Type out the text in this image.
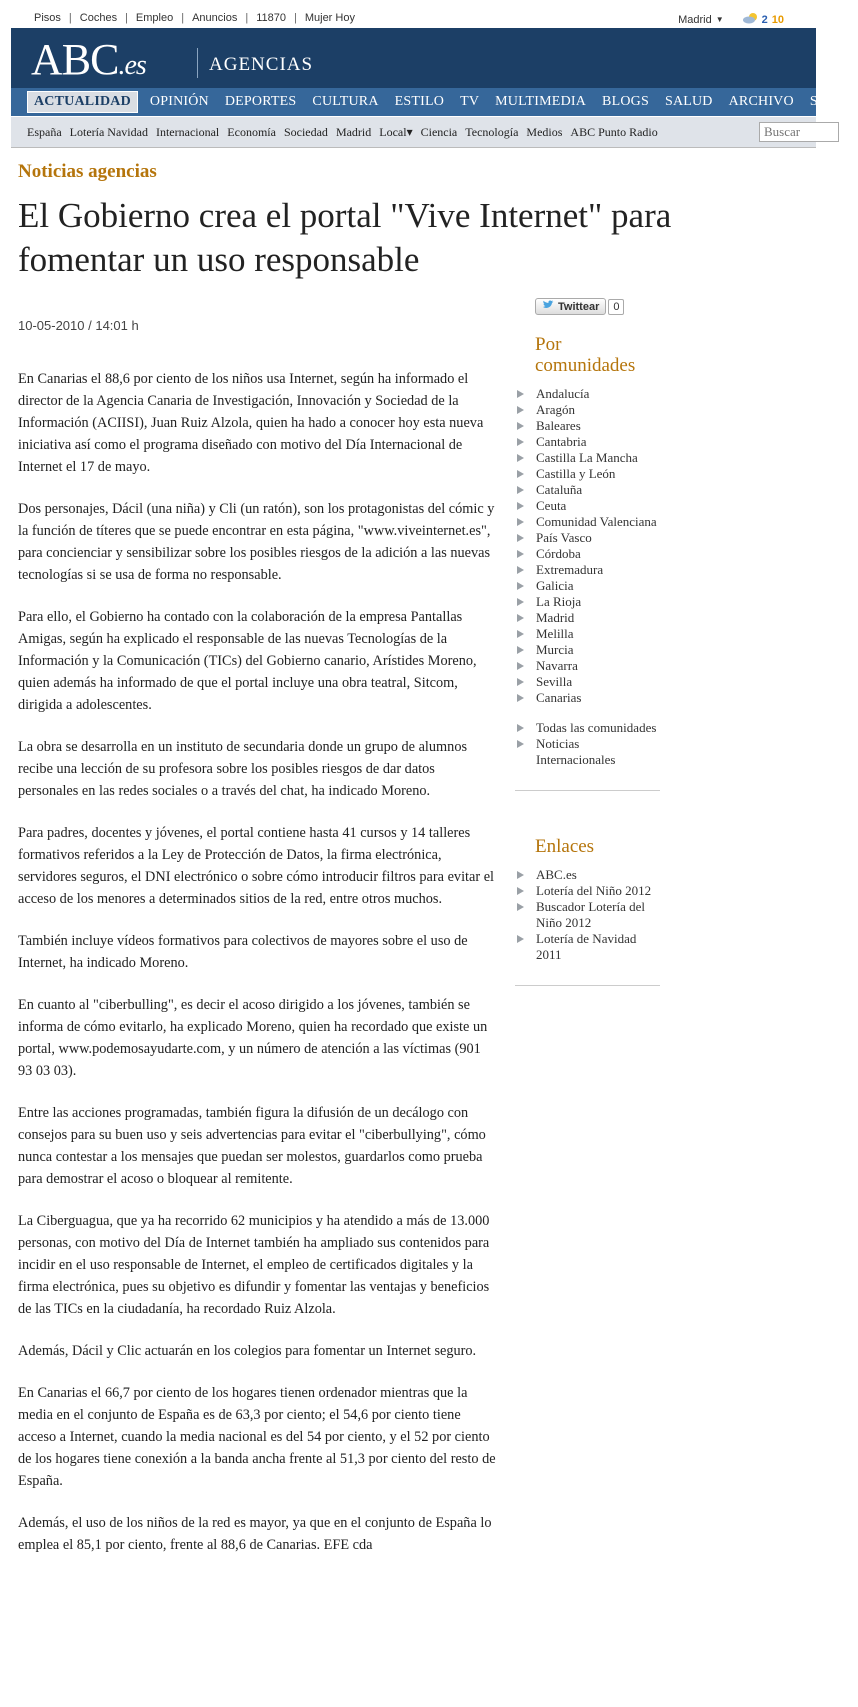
Pisos | Coches | Empleo | Anuncios | 11870 | Mujer Hoy	Madrid ▼	2 10
ABC.es	AGENCIAS
ACTUALIDAD	OPINIÓN	DEPORTES	CULTURA	ESTILO	TV	MULTIMEDIA	BLOGS	SALUD	ARCHIVO	SERVI
España Lotería Navidad Internacional Economía Sociedad Madrid Local▾ Ciencia Tecnología Medios ABC Punto Radio
Buscar
Noticias agencias
El Gobierno crea el portal "Vive Internet" para fomentar un uso responsable
10-05-2010 / 14:01 h

En Canarias el 88,6 por ciento de los niños usa Internet, según ha informado el director de la Agencia Canaria de Investigación, Innovación y Sociedad de la Información (ACIISI), Juan Ruiz Alzola, quien ha hado a conocer hoy esta nueva iniciativa así como el programa diseñado con motivo del Día Internacional de Internet el 17 de mayo.

Dos personajes, Dácil (una niña) y Cli (un ratón), son los protagonistas del cómic y la función de títeres que se puede encontrar en esta página, "www.viveinternet.es", para concienciar y sensibilizar sobre los posibles riesgos de la adición a las nuevas tecnologías si se usa de forma no responsable.

Para ello, el Gobierno ha contado con la colaboración de la empresa Pantallas Amigas, según ha explicado el responsable de las nuevas Tecnologías de la Información y la Comunicación (TICs) del Gobierno canario, Arístides Moreno, quien además ha informado de que el portal incluye una obra teatral, Sitcom, dirigida a adolescentes.

La obra se desarrolla en un instituto de secundaria donde un grupo de alumnos recibe una lección de su profesora sobre los posibles riesgos de dar datos personales en las redes sociales o a través del chat, ha indicado Moreno.

Para padres, docentes y jóvenes, el portal contiene hasta 41 cursos y 14 talleres formativos referidos a la Ley de Protección de Datos, la firma electrónica, servidores seguros, el DNI electrónico o sobre cómo introducir filtros para evitar el acceso de los menores a determinados sitios de la red, entre otros muchos.

También incluye vídeos formativos para colectivos de mayores sobre el uso de Internet, ha indicado Moreno.

En cuanto al "ciberbulling", es decir el acoso dirigido a los jóvenes, también se informa de cómo evitarlo, ha explicado Moreno, quien ha recordado que existe un portal, www.podemosayudarte.com, y un número de atención a las víctimas (901 93 03 03).

Entre las acciones programadas, también figura la difusión de un decálogo con consejos para su buen uso y seis advertencias para evitar el "ciberbullying", cómo nunca contestar a los mensajes que puedan ser molestos, guardarlos como prueba para demostrar el acoso o bloquear al remitente.

La Ciberguagua, que ya ha recorrido 62 municipios y ha atendido a más de 13.000 personas, con motivo del Día de Internet también ha ampliado sus contenidos para incidir en el uso responsable de Internet, el empleo de certificados digitales y la firma electrónica, pues su objetivo es difundir y fomentar las ventajas y beneficios de las TICs en la ciudadanía, ha recordado Ruiz Alzola.

Además, Dácil y Clic actuarán en los colegios para fomentar un Internet seguro.

En Canarias el 66,7 por ciento de los hogares tienen ordenador mientras que la media en el conjunto de España es de 63,3 por ciento; el 54,6 por ciento tiene acceso a Internet, cuando la media nacional es del 54 por ciento, y el 52 por ciento de los hogares tiene conexión a la banda ancha frente al 51,3 por ciento del resto de España.

Además, el uso de los niños de la red es mayor, ya que en el conjunto de España lo emplea el 85,1 por ciento, frente al 88,6 de Canarias. EFE cda

Twittear	0
Por comunidades
Andalucía
Aragón
Baleares
Cantabria
Castilla La Mancha
Castilla y León
Cataluña
Ceuta
Comunidad Valenciana
País Vasco
Córdoba
Extremadura
Galicia
La Rioja
Madrid
Melilla
Murcia
Navarra
Sevilla
Canarias
Todas las comunidades
Noticias Internacionales
Enlaces
ABC.es
Lotería del Niño 2012
Buscador Lotería del Niño 2012
Lotería de Navidad 2011
